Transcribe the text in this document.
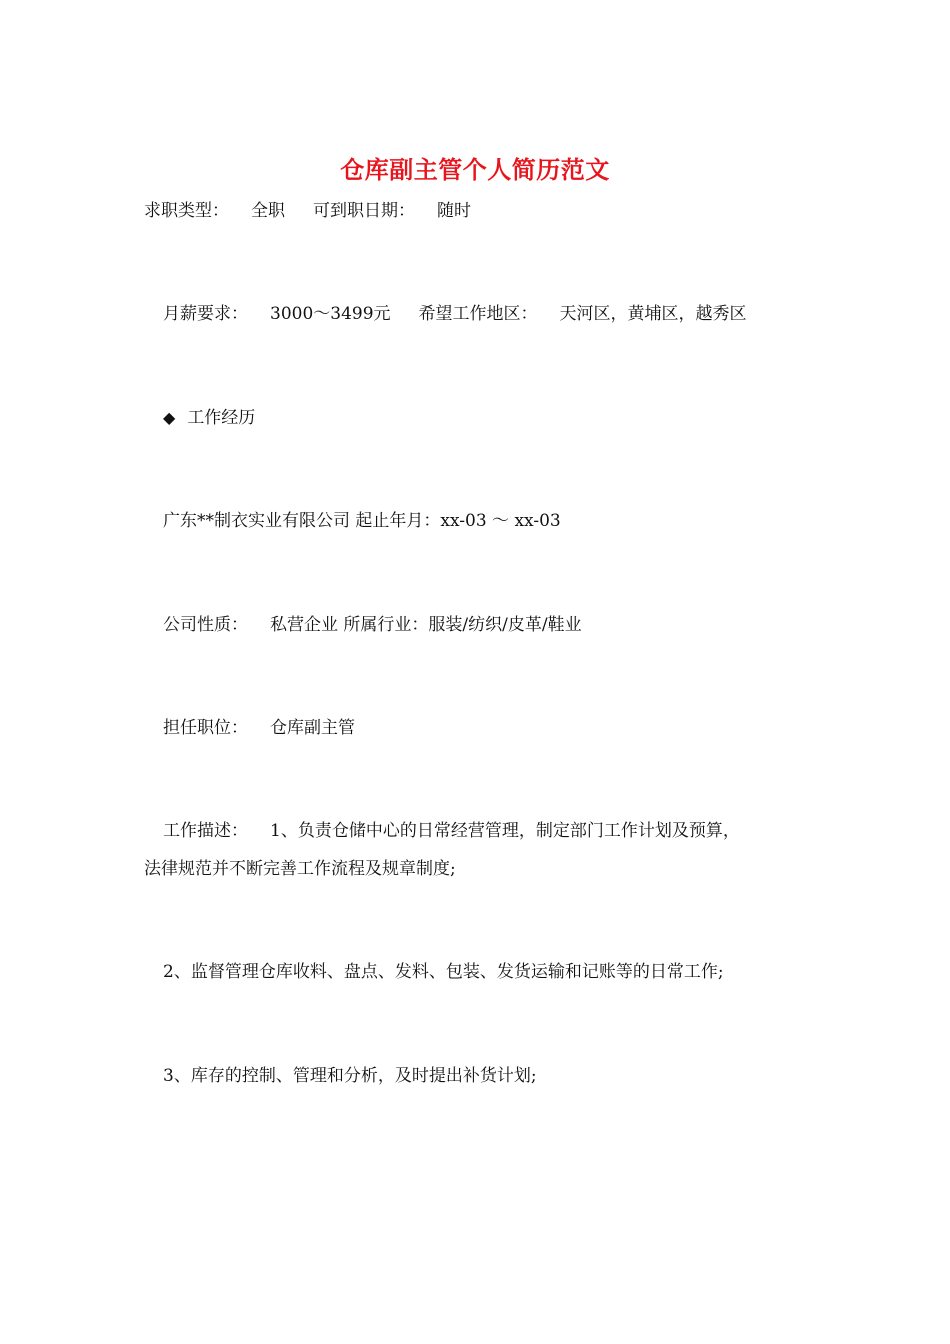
仓库副主管个人简历范文
求职类型： 全职 可到职日期： 随时
月薪要求： 3000～3499元 希望工作地区： 天河区，黄埔区，越秀区
◆ 工作经历
广东**制衣实业有限公司 起止年月：xx-03 ～ xx-03
公司性质： 私营企业 所属行业：服装/纺织/皮革/鞋业
担任职位： 仓库副主管
工作描述： 1、负责仓储中心的日常经营管理，制定部门工作计划及预算，
法律规范并不断完善工作流程及规章制度;
2、监督管理仓库收料、盘点、发料、包装、发货运输和记账等的日常工作;
3、库存的控制、管理和分析，及时提出补货计划;
